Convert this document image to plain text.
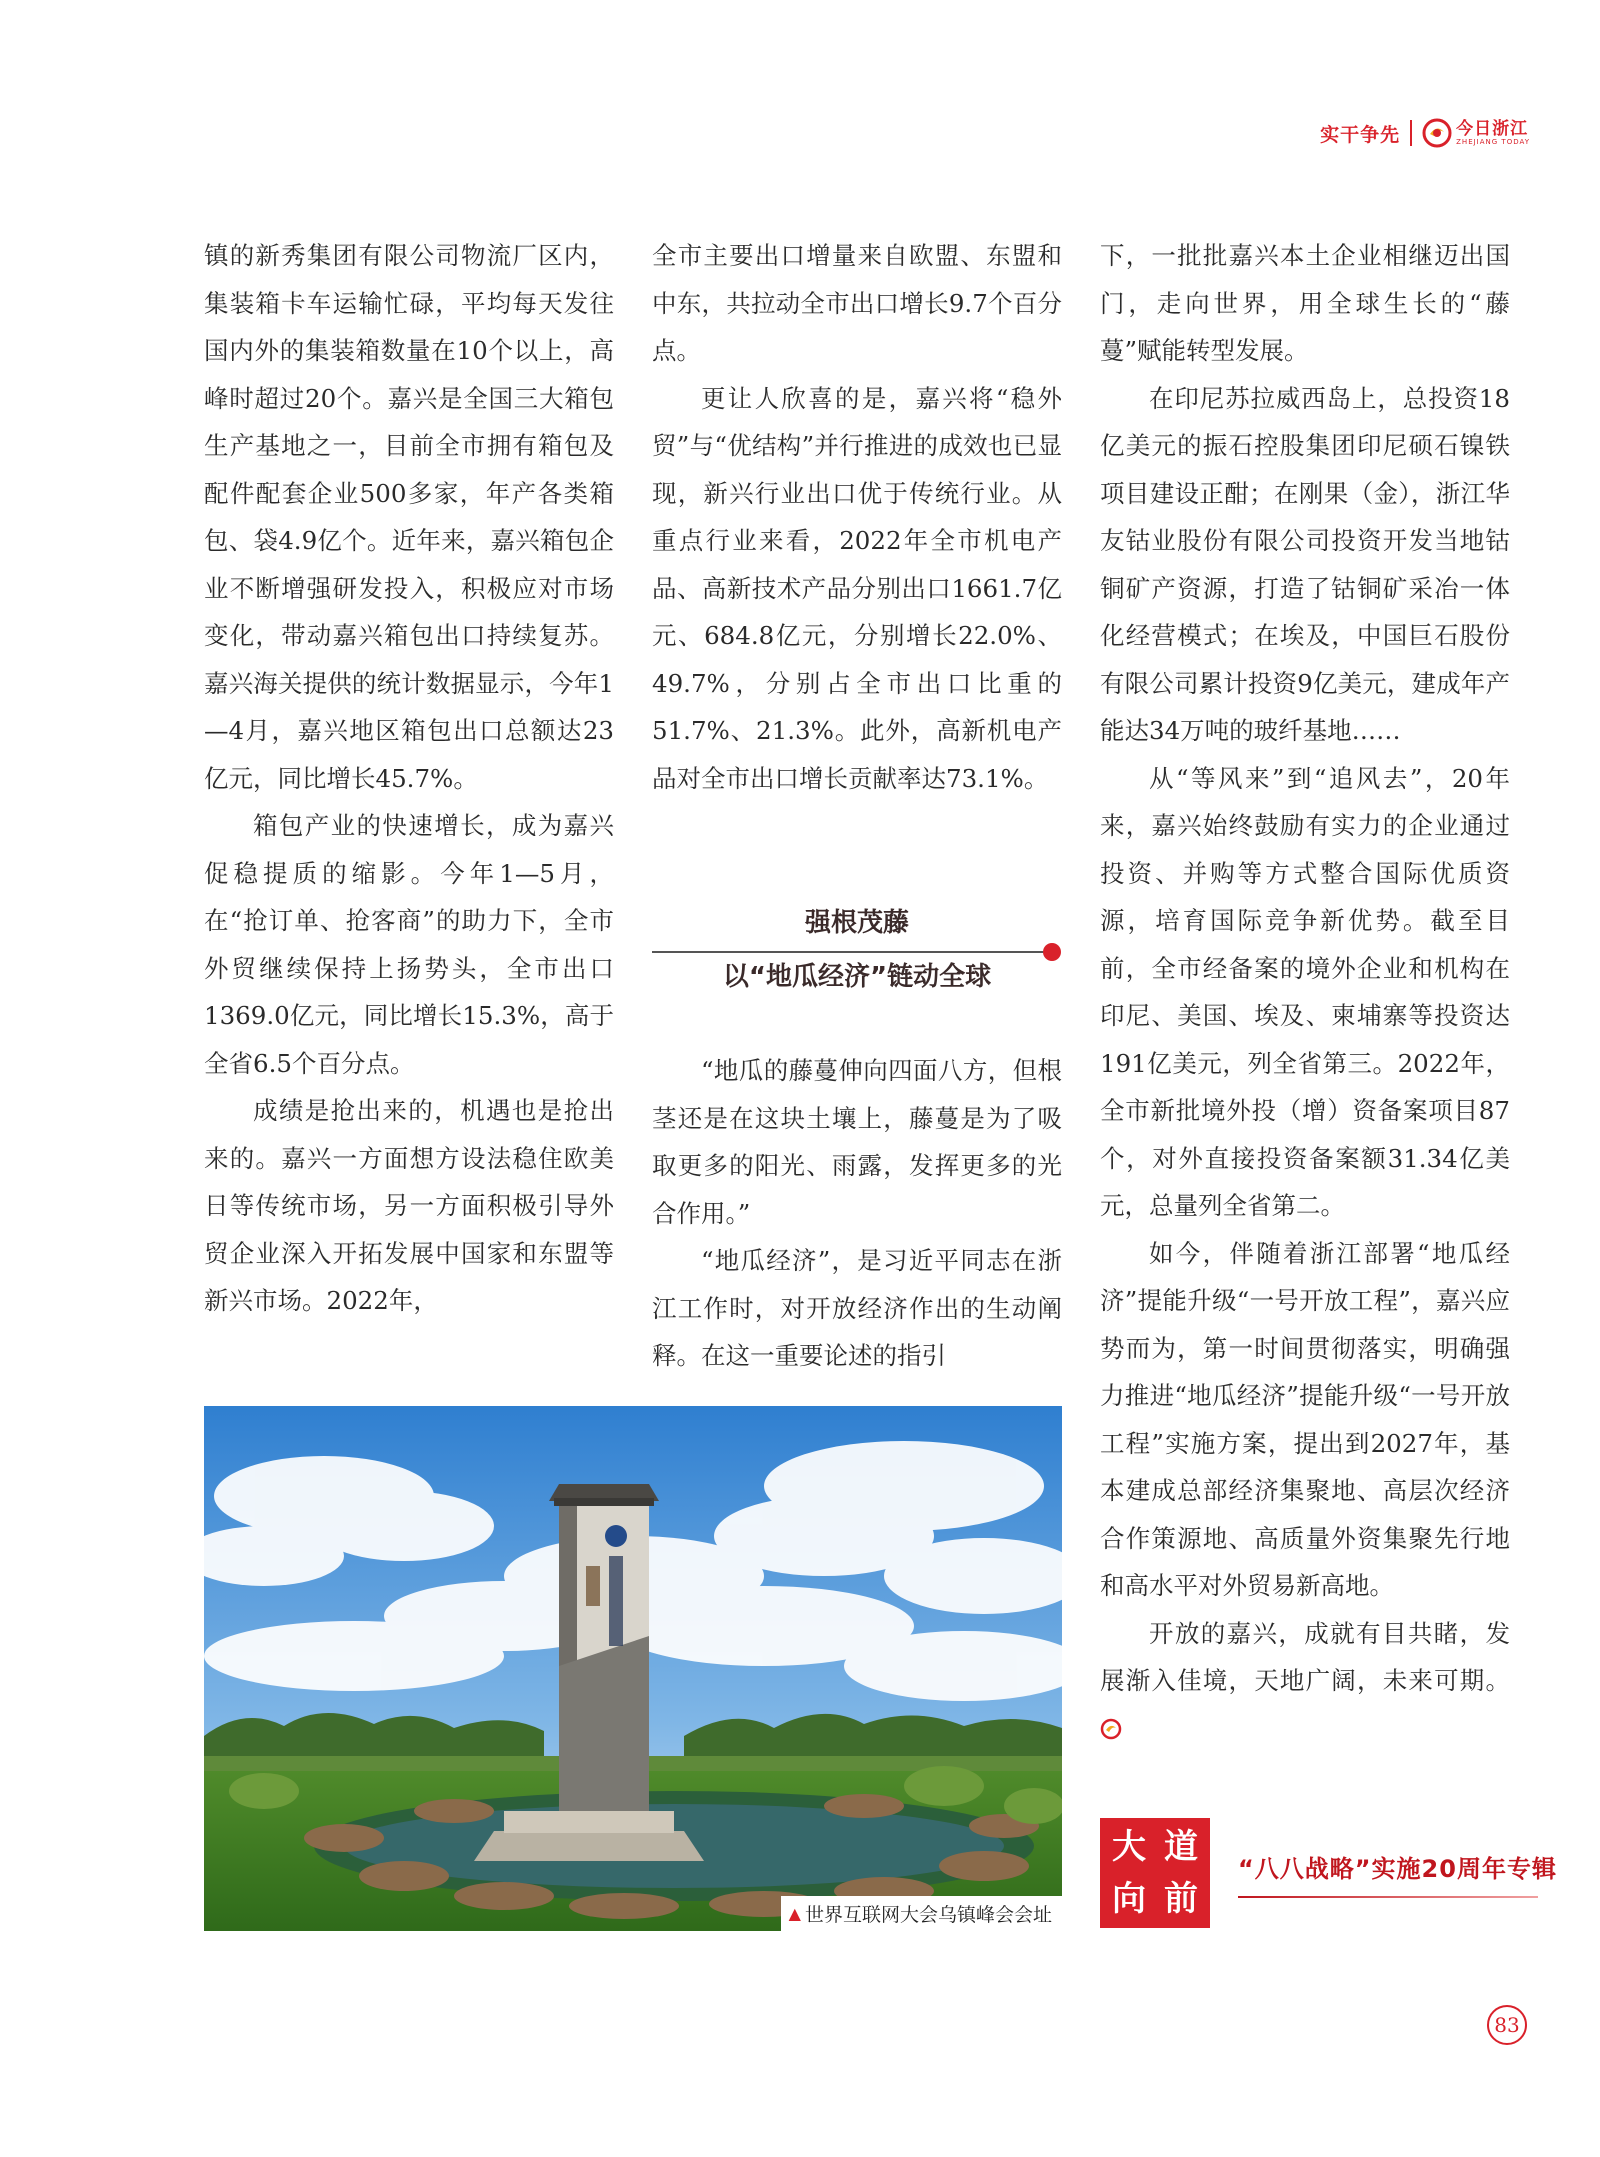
实干争先	今日浙江
ZHEJIANG TODAY

镇的新秀集团有限公司物流厂区内，集装箱卡车运输忙碌，平均每天发往国内外的集装箱数量在10个以上，高峰时超过20个。嘉兴是全国三大箱包生产基地之一，目前全市拥有箱包及配件配套企业500多家，年产各类箱包、袋4.9亿个。近年来，嘉兴箱包企业不断增强研发投入，积极应对市场变化，带动嘉兴箱包出口持续复苏。嘉兴海关提供的统计数据显示，今年1—4月，嘉兴地区箱包出口总额达23亿元，同比增长45.7%。

箱包产业的快速增长，成为嘉兴促稳提质的缩影。今年1—5月，在“抢订单、抢客商”的助力下，全市外贸继续保持上扬势头，全市出口1369.0亿元，同比增长15.3%，高于全省6.5个百分点。

成绩是抢出来的，机遇也是抢出来的。嘉兴一方面想方设法稳住欧美日等传统市场，另一方面积极引导外贸企业深入开拓发展中国家和东盟等新兴市场。2022年，

全市主要出口增量来自欧盟、东盟和中东，共拉动全市出口增长9.7个百分点。

更让人欣喜的是，嘉兴将“稳外贸”与“优结构”并行推进的成效也已显现，新兴行业出口优于传统行业。从重点行业来看，2022年全市机电产品、高新技术产品分别出口1661.7亿元、684.8亿元，分别增长22.0%、49.7%，分别占全市出口比重的51.7%、21.3%。此外，高新机电产品对全市出口增长贡献率达73.1%。

强根茂藤
以“地瓜经济”链动全球

“地瓜的藤蔓伸向四面八方，但根茎还是在这块土壤上，藤蔓是为了吸取更多的阳光、雨露，发挥更多的光合作用。”

“地瓜经济”，是习近平同志在浙江工作时，对开放经济作出的生动阐释。在这一重要论述的指引

下，一批批嘉兴本土企业相继迈出国门，走向世界，用全球生长的“藤蔓”赋能转型发展。

在印尼苏拉威西岛上，总投资18亿美元的振石控股集团印尼硕石镍铁项目建设正酣；在刚果（金），浙江华友钴业股份有限公司投资开发当地钴铜矿产资源，打造了钴铜矿采冶一体化经营模式；在埃及，中国巨石股份有限公司累计投资9亿美元，建成年产能达34万吨的玻纤基地……

从“等风来”到“追风去”，20年来，嘉兴始终鼓励有实力的企业通过投资、并购等方式整合国际优质资源，培育国际竞争新优势。截至目前，全市经备案的境外企业和机构在印尼、美国、埃及、柬埔寨等投资达191亿美元，列全省第三。2022年，全市新批境外投（增）资备案项目87个，对外直接投资备案额31.34亿美元，总量列全省第二。

如今，伴随着浙江部署“地瓜经济”提能升级“一号开放工程”，嘉兴应势而为，第一时间贯彻落实，明确强力推进“地瓜经济”提能升级“一号开放工程”实施方案，提出到2027年，基本建成总部经济集聚地、高层次经济合作策源地、高质量外资集聚先行地和高水平对外贸易新高地。

开放的嘉兴，成就有目共睹，发展渐入佳境，天地广阔，未来可期。

▲ 世界互联网大会乌镇峰会会址
大 道
向 前
“八八战略”实施20周年专辑
83
